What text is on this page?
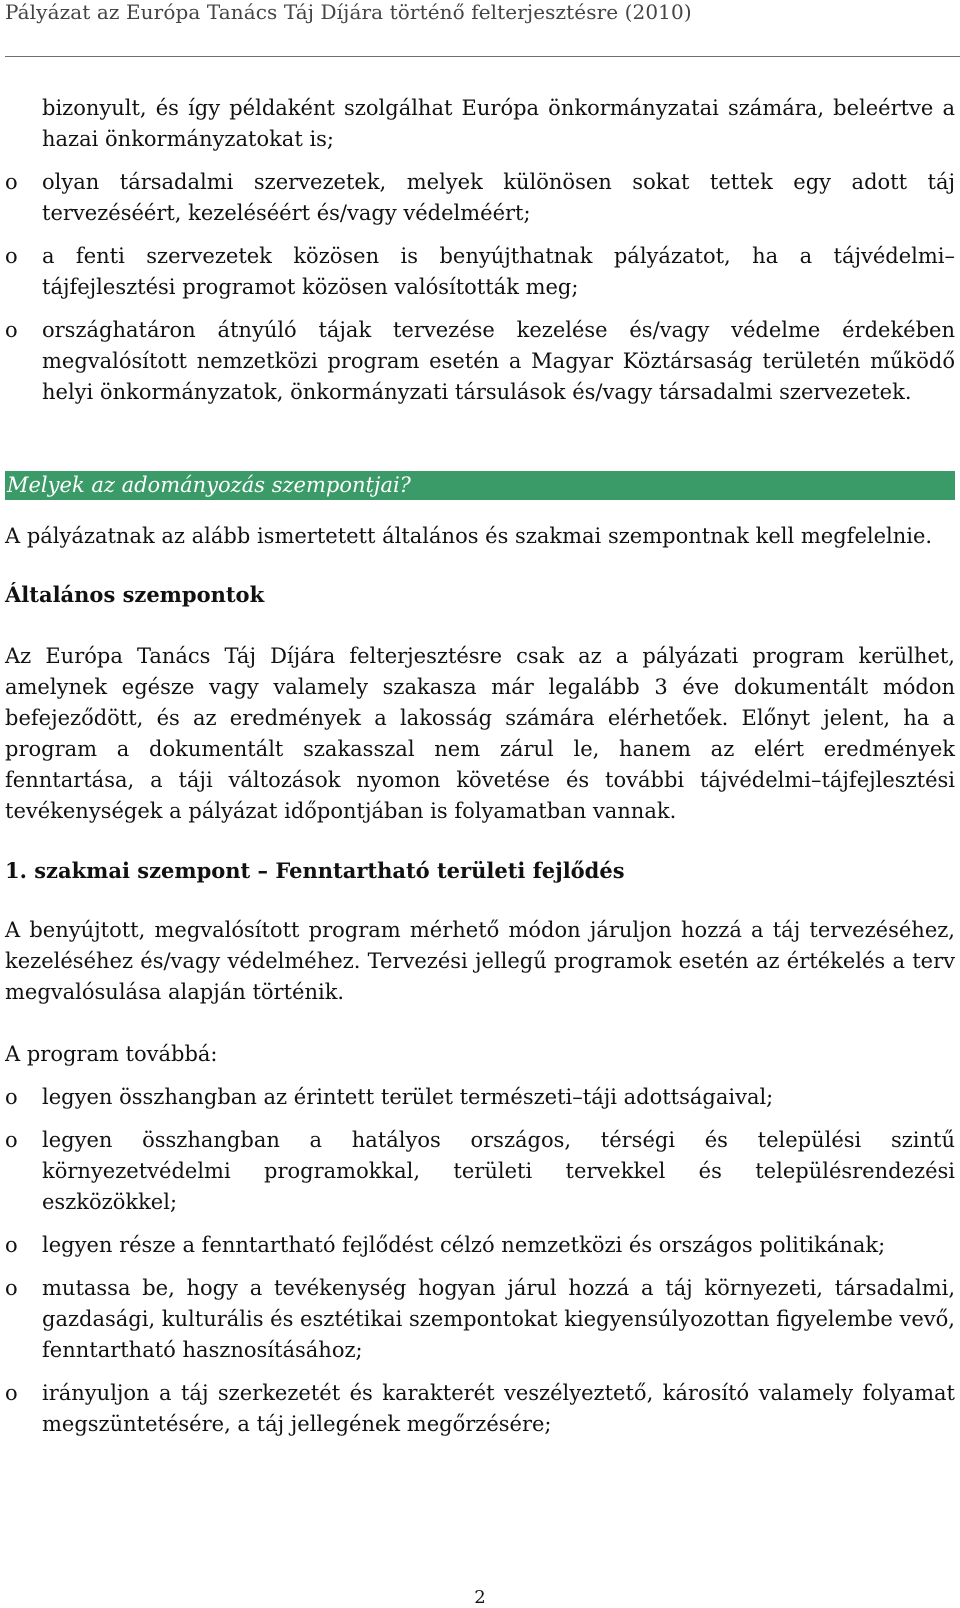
Pályázat az Európa Tanács Táj Díjára történő felterjesztésre (2010)

bizonyult, és így példaként szolgálhat Európa önkormányzatai számára, beleértve a hazai önkormányzatokat is;

o olyan társadalmi szervezetek, melyek különösen sokat tettek egy adott táj tervezéséért, kezeléséért és/vagy védelméért;

o a fenti szervezetek közösen is benyújthatnak pályázatot, ha a tájvédelmi–tájfejlesztési programot közösen valósították meg;

o országhatáron átnyúló tájak tervezése kezelése és/vagy védelme érdekében megvalósított nemzetközi program esetén a Magyar Köztársaság területén működő helyi önkormányzatok, önkormányzati társulások és/vagy társadalmi szervezetek.

Melyek az adományozás szempontjai?

A pályázatnak az alább ismertetett általános és szakmai szempontnak kell megfelelnie.

Általános szempontok

Az Európa Tanács Táj Díjára felterjesztésre csak az a pályázati program kerülhet, amelynek egésze vagy valamely szakasza már legalább 3 éve dokumentált módon befejeződött, és az eredmények a lakosság számára elérhetőek. Előnyt jelent, ha a program a dokumentált szakasszal nem zárul le, hanem az elért eredmények fenntartása, a táji változások nyomon követése és további tájvédelmi–tájfejlesztési tevékenységek a pályázat időpontjában is folyamatban vannak.

1. szakmai szempont – Fenntartható területi fejlődés

A benyújtott, megvalósított program mérhető módon járuljon hozzá a táj tervezéséhez, kezeléséhez és/vagy védelméhez. Tervezési jellegű programok esetén az értékelés a terv megvalósulása alapján történik.

A program továbbá:

o legyen összhangban az érintett terület természeti–táji adottságaival;

o legyen összhangban a hatályos országos, térségi és települési szintű környezetvédelmi programokkal, területi tervekkel és településrendezési eszközökkel;

o legyen része a fenntartható fejlődést célzó nemzetközi és országos politikának;

o mutassa be, hogy a tevékenység hogyan járul hozzá a táj környezeti, társadalmi, gazdasági, kulturális és esztétikai szempontokat kiegyensúlyozottan figyelembe vevő, fenntartható hasznosításához;

o irányuljon a táj szerkezetét és karakterét veszélyeztető, károsító valamely folyamat megszüntetésére, a táj jellegének megőrzésére;

2
